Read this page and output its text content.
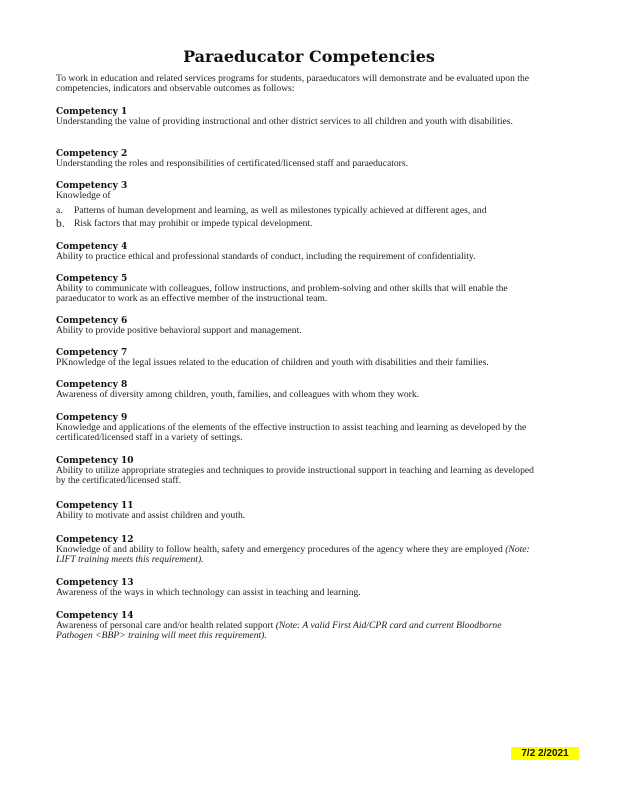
Paraeducator Competencies
To work in education and related services programs for students, paraeducators will demonstrate and be evaluated upon the competencies, indicators and observable outcomes as follows:
Competency 1
Understanding the value of providing instructional and other district services to all children and youth with disabilities.
Competency 2
Understanding the roles and responsibilities of certificated/licensed staff and paraeducators.
Competency 3
Knowledge of
a.	Patterns of human development and learning, as well as milestones typically achieved at different ages, and
b. Risk factors that may prohibit or impede typical development.
Competency 4
Ability to practice ethical and professional standards of conduct, including the requirement of confidentiality.
Competency 5
Ability to communicate with colleagues, follow instructions, and problem-solving and other skills that will enable the paraeducator to work as an effective member of the instructional team.
Competency 6
Ability to provide positive behavioral support and management.
Competency 7
PKnowledge of the legal issues related to the education of children and youth with disabilities and their families.
Competency 8
Awareness of diversity among children, youth, families, and colleagues with whom they work.
Competency 9
Knowledge and applications of the elements of the effective instruction to assist teaching and learning as developed by the certificated/licensed staff in a variety of settings.
Competency 10
Ability to utilize appropriate strategies and techniques to provide instructional support in teaching and learning as developed by the certificated/licensed staff.
Competency 11
Ability to motivate and assist children and youth.
Competency 12
Knowledge of and ability to follow health, safety and emergency procedures of the agency where they are employed (Note: LIFT training meets this requirement).
Competency 13
Awareness of the ways in which technology can assist in teaching and learning.
Competency 14
Awareness of personal care and/or health related support (Note: A valid First Aid/CPR card and current Bloodborne Pathogen <BBP> training will meet this requirement).
7/2 2/2021
